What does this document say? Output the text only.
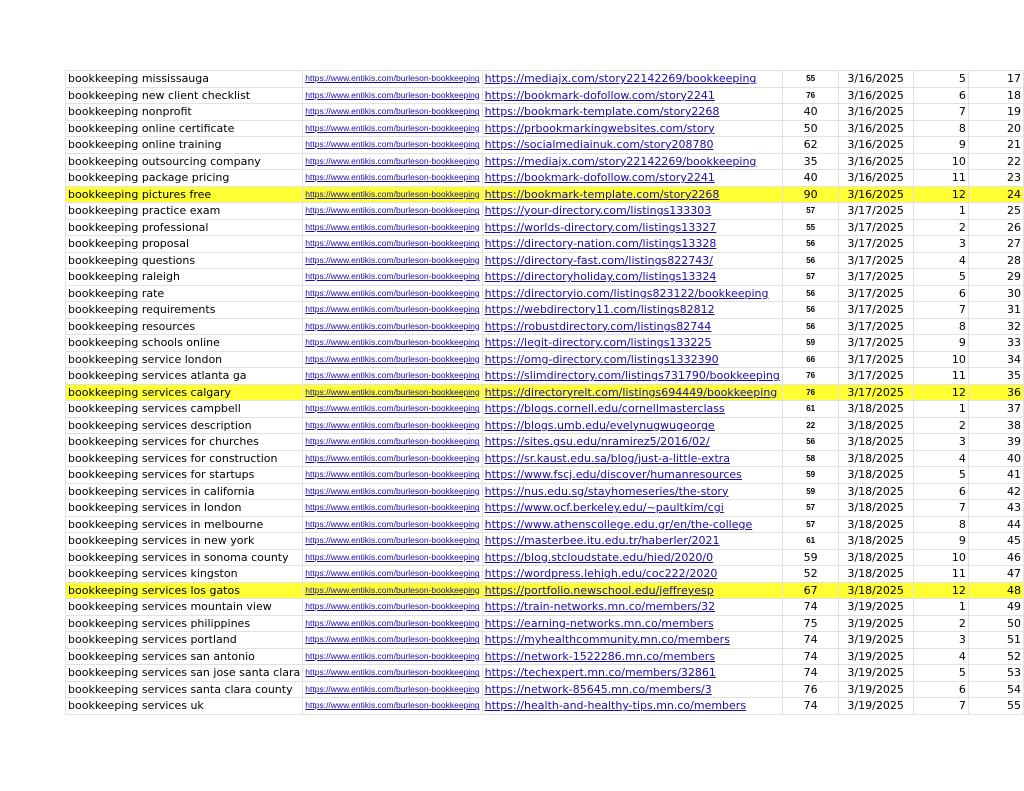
bookkeeping mississauga	https://www.entikis.com/burleson-bookkeeping	https://mediajx.com/story22142269/bookkeeping	55	3/16/2025	5	17
bookkeeping new client checklist	https://www.entikis.com/burleson-bookkeeping	https://bookmark-dofollow.com/story2241	76	3/16/2025	6	18
bookkeeping nonprofit	https://www.entikis.com/burleson-bookkeeping	https://bookmark-template.com/story2268	40	3/16/2025	7	19
bookkeeping online certificate	https://www.entikis.com/burleson-bookkeeping	https://prbookmarkingwebsites.com/story	50	3/16/2025	8	20
bookkeeping online training	https://www.entikis.com/burleson-bookkeeping	https://socialmediainuk.com/story208780	62	3/16/2025	9	21
bookkeeping outsourcing company	https://www.entikis.com/burleson-bookkeeping	https://mediajx.com/story22142269/bookkeeping	35	3/16/2025	10	22
bookkeeping package pricing	https://www.entikis.com/burleson-bookkeeping	https://bookmark-dofollow.com/story2241	40	3/16/2025	11	23
bookkeeping pictures free	https://www.entikis.com/burleson-bookkeeping	https://bookmark-template.com/story2268	90	3/16/2025	12	24
bookkeeping practice exam	https://www.entikis.com/burleson-bookkeeping	https://your-directory.com/listings133303	57	3/17/2025	1	25
bookkeeping professional	https://www.entikis.com/burleson-bookkeeping	https://worlds-directory.com/listings13327	55	3/17/2025	2	26
bookkeeping proposal	https://www.entikis.com/burleson-bookkeeping	https://directory-nation.com/listings13328	56	3/17/2025	3	27
bookkeeping questions	https://www.entikis.com/burleson-bookkeeping	https://directory-fast.com/listings822743/	56	3/17/2025	4	28
bookkeeping raleigh	https://www.entikis.com/burleson-bookkeeping	https://directoryholiday.com/listings13324	57	3/17/2025	5	29
bookkeeping rate	https://www.entikis.com/burleson-bookkeeping	https://directoryio.com/listings823122/bookkeeping	56	3/17/2025	6	30
bookkeeping requirements	https://www.entikis.com/burleson-bookkeeping	https://webdirectory11.com/listings82812	56	3/17/2025	7	31
bookkeeping resources	https://www.entikis.com/burleson-bookkeeping	https://robustdirectory.com/listings82744	56	3/17/2025	8	32
bookkeeping schools online	https://www.entikis.com/burleson-bookkeeping	https://legit-directory.com/listings133225	59	3/17/2025	9	33
bookkeeping service london	https://www.entikis.com/burleson-bookkeeping	https://omg-directory.com/listings1332390	66	3/17/2025	10	34
bookkeeping services atlanta ga	https://www.entikis.com/burleson-bookkeeping	https://slimdirectory.com/listings731790/bookkeeping	76	3/17/2025	11	35
bookkeeping services calgary	https://www.entikis.com/burleson-bookkeeping	https://directoryrelt.com/listings694449/bookkeeping	76	3/17/2025	12	36
bookkeeping services campbell	https://www.entikis.com/burleson-bookkeeping	https://blogs.cornell.edu/cornellmasterclass	61	3/18/2025	1	37
bookkeeping services description	https://www.entikis.com/burleson-bookkeeping	https://blogs.umb.edu/evelynugwugeorge	22	3/18/2025	2	38
bookkeeping services for churches	https://www.entikis.com/burleson-bookkeeping	https://sites.gsu.edu/nramirez5/2016/02/	56	3/18/2025	3	39
bookkeeping services for construction	https://www.entikis.com/burleson-bookkeeping	https://sr.kaust.edu.sa/blog/just-a-little-extra	58	3/18/2025	4	40
bookkeeping services for startups	https://www.entikis.com/burleson-bookkeeping	https://www.fscj.edu/discover/humanresources	59	3/18/2025	5	41
bookkeeping services in california	https://www.entikis.com/burleson-bookkeeping	https://nus.edu.sg/stayhomeseries/the-story	59	3/18/2025	6	42
bookkeeping services in london	https://www.entikis.com/burleson-bookkeeping	https://www.ocf.berkeley.edu/~paultkim/cgi	57	3/18/2025	7	43
bookkeeping services in melbourne	https://www.entikis.com/burleson-bookkeeping	https://www.athenscollege.edu.gr/en/the-college	57	3/18/2025	8	44
bookkeeping services in new york	https://www.entikis.com/burleson-bookkeeping	https://masterbee.itu.edu.tr/haberler/2021	61	3/18/2025	9	45
bookkeeping services in sonoma county	https://www.entikis.com/burleson-bookkeeping	https://blog.stcloudstate.edu/hied/2020/0	59	3/18/2025	10	46
bookkeeping services kingston	https://www.entikis.com/burleson-bookkeeping	https://wordpress.lehigh.edu/coc222/2020	52	3/18/2025	11	47
bookkeeping services los gatos	https://www.entikis.com/burleson-bookkeeping	https://portfolio.newschool.edu/jeffreyesp	67	3/18/2025	12	48
bookkeeping services mountain view	https://www.entikis.com/burleson-bookkeeping	https://train-networks.mn.co/members/32	74	3/19/2025	1	49
bookkeeping services philippines	https://www.entikis.com/burleson-bookkeeping	https://earning-networks.mn.co/members	75	3/19/2025	2	50
bookkeeping services portland	https://www.entikis.com/burleson-bookkeeping	https://myhealthcommunity.mn.co/members	74	3/19/2025	3	51
bookkeeping services san antonio	https://www.entikis.com/burleson-bookkeeping	https://network-1522286.mn.co/members	74	3/19/2025	4	52
bookkeeping services san jose santa clara	https://www.entikis.com/burleson-bookkeeping	https://techexpert.mn.co/members/32861	74	3/19/2025	5	53
bookkeeping services santa clara county	https://www.entikis.com/burleson-bookkeeping	https://network-85645.mn.co/members/3	76	3/19/2025	6	54
bookkeeping services uk	https://www.entikis.com/burleson-bookkeeping	https://health-and-healthy-tips.mn.co/members	74	3/19/2025	7	55
